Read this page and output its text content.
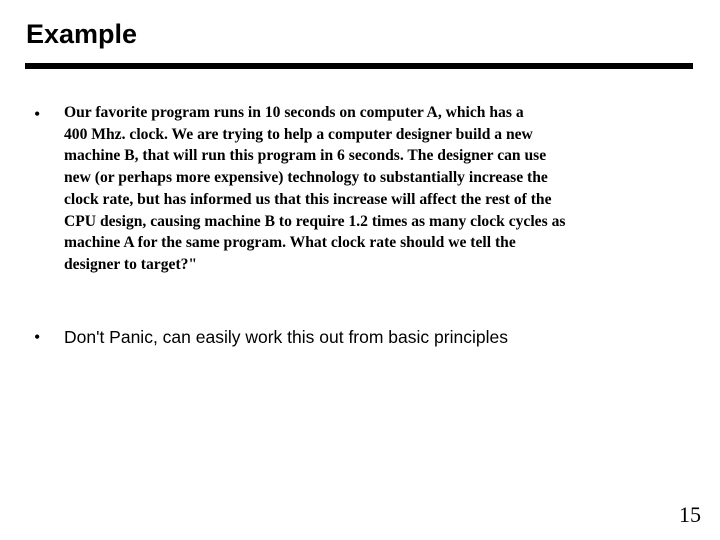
Example
• Our favorite program runs in 10 seconds on computer A, which has a
400 Mhz. clock. We are trying to help a computer designer build a new
machine B, that will run this program in 6 seconds. The designer can use
new (or perhaps more expensive) technology to substantially increase the
clock rate, but has informed us that this increase will affect the rest of the
CPU design, causing machine B to require 1.2 times as many clock cycles as
machine A for the same program. What clock rate should we tell the
designer to target?"
• Don't Panic, can easily work this out from basic principles
15
